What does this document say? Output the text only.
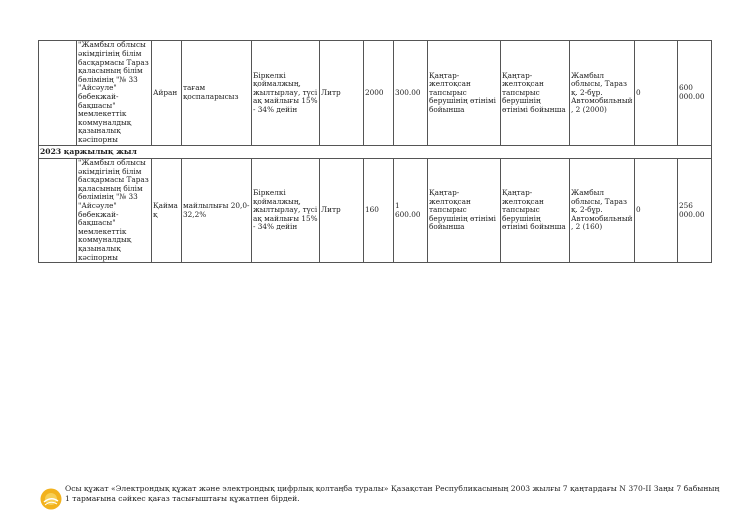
	"Жамбыл облысы әкімдігінің білім басқармасы Тараз қаласының білім бөлімінің "№ 33 "Айсәуле" бөбекжай-бақшасы" мемлекеттік коммуналдық қазыналық кәсіпорны	Айран	тағам қоспаларысыз	Біркелкі қоймалжың, жылтырлау, түсі ақ майлығы 15% - 34% дейін	Литр	2000	300.00	Қаңтар-желтоқсан тапсырыс берушінің өтінімі бойынша	Қаңтар-желтоқсан тапсырыс берушінің өтінімі бойынша	Жамбыл облысы, Тараз қ. 2-бұр. Автомобильный, 2 (2000)	0	600 000.00
2023 қаржылық жыл												
	"Жамбыл облысы әкімдігінің білім басқармасы Тараз қаласының білім бөлімінің "№ 33 "Айсәуле" бөбекжай-бақшасы" мемлекеттік коммуналдық қазыналық кәсіпорны	Қаймақ	майлылығы 20,0-32,2%	Біркелкі қоймалжың, жылтырлау, түсі ақ майлығы 15% - 34% дейін	Литр	160	1 600.00	Қаңтар-желтоқсан тапсырыс берушінің өтінімі бойынша	Қаңтар-желтоқсан тапсырыс берушінің өтінімі бойынша	Жамбыл облысы, Тараз қ. 2-бұр. Автомобильный, 2 (160)	0	256 000.00
Осы құжат «Электрондық құжат және электрондық цифрлық қолтаңба туралы» Қазақстан Республикасының 2003 жылғы 7 қаңтардағы N 370-II Заңы 7 бабының 1 тармағына сәйкес қағаз тасығыштағы құжатпен бірдей.
